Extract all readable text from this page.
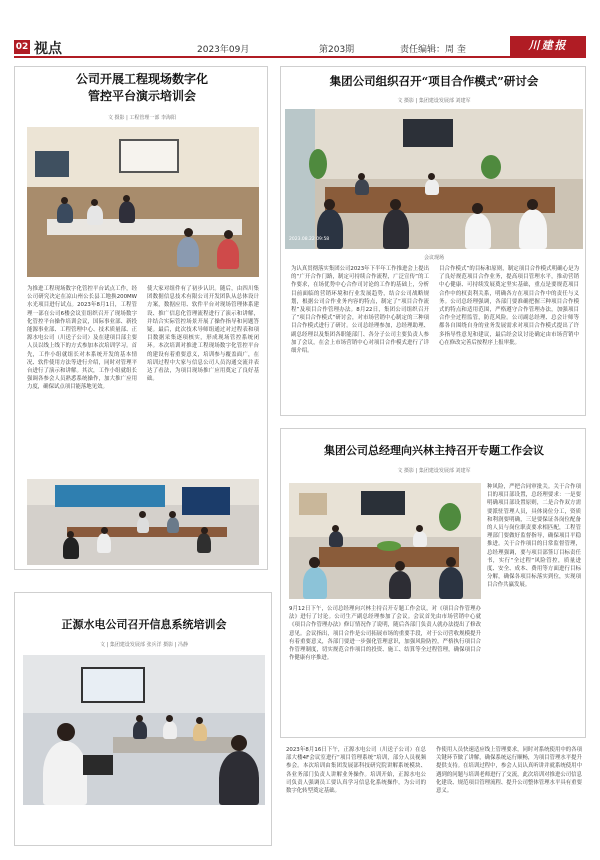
02 视点	2023年09月	第203期	责任编辑：周 奎	川建报
公司开展工程现场数字化
管控平台演示培训会
文 摄影 | 工程管理一部 李海阳
为推进工程现场数字化管控平台试点工作，经公司研究决定在凉山州公长县工地换200MW水光项目进行试点。2023年8月1日，工程管理一部在公司6楼会议室组织召开了现场数字化管控平台操作培训会议，国际事业部、新投能源事业部、工程管理中心、技术质量部、正源水电公司（川送子公司）及在建项目部主要人员以线上线下的方式参加本次培训学习。首先，工作小组就组长对本系统开发的基本情况、软件使用方法等进行介绍，同时对管理平台进行了演示和讲解。其次，工作小组就组长强调各参会人员熟悉系统操作，加大推广应用力度，确保试点项目能落地见效。
使大家对组件有了初步认识。随后，由四川集团数据信息技术有限公司开发团队从总体设计方案，数据应用、软件平台对现场管理体系建设、推广信息化管理流程进行了演示和讲解，并结合实际管控场景开展了操作指导和问题答疑。最后，此次技术导师组通过对过程表和项目数据采集逐项核实，形成现场管控系统闭环。本次培训对推进工程现场数字化管控平台的建设有着重要意义，培训参与覆盖面广，在培训过程中大家与信息公司人员沟通交流并表达了看法，为项目现场推广应用奠定了良好基础。
集团公司组织召开“项目合作模式”研讨会
文 摄影 | 集团建设发展部 刘建军
2023.08.22 09:58
会议现场
为认真贯彻落实集团公司2023年下半年工作推进会上提出的“广开合作门路，制定可持续合作流程，广泛宣传”的工作要求，在场优势中心合作司讨论的工作的基础上，分析目前面临的营销环境和行业发展趋势，结合公司战略规划，根据公司合作业务内容的特点，制定了“项目合作流程”及项目合作管理办法。8月22日，集团公司组织召开了“项目合作模式”研讨会，对市场营销中心制定的三种项目合作模式进行了研讨。公司总经理参加，总经理助理、副总经理以及集团各职能部门、各分子公司主要负责人参加了会议，在会上市场营销中心对项目合作模式进行了详细介绍。
目合作模式”的目标和原则，制定项目合作模式明确心是为了良好规范项目合作业务，提高项目管理水平，推动营销中心健康、可持续发展奠定坚实基础，重点是要规范项目合作中的权责利关系，明确各方在项目合作中的责任与义务。公司总经理强调，各部门要准确把握三种项目合作模式的特点和适用范围，严格遵守合作管理办法，加强项目合作全过程监管，防范风险。公司副总经理、总会计师等都各自围绕自身的业务发展需求对项目合作模式提出了许多指导性意见和建议，最后经会议讨论确定由市场营销中心在修改完善后按程序上报审批。
集团公司总经理向兴林主持召开专题工作会议
文 摄影 | 集团建设发展部 刘建军
种风险，严把合同审批关。关于合作项目的项目部设置，总经理要求：一是要明确项目部设置原则，二是合作双方需要派驻管理人员，具体岗位分工，资质和利润要明确，三是要保证各岗位配备的人员与岗位职责要求相匹配，工程管理部门要做好监督指导，确保项目平稳推进。关于合作项目的日常监督管理，总经理强调，要与项目部签订目标责任书，实行“全过程”风险管控，质量进度、安全、成本、费用等方面进行目标分解，确保各项目标落实到位，实现项目合作共赢发展。
9月12日下午，公司总经理向兴林主持召开专题工作会议，对《项目合作管理办法》进行了讨论。公司生产副总经理参加了会议。会议首先由市场营销中心就《项目合作管理办法》修订情况作了说明，随后各部门负责人就办法提出了修改意见。会议指出，项目合作是公司拓展市场的重要手段，对于公司营收规模提升有着重要意义，各部门要进一步强化管理意识，加强风险防控，严格执行项目合作管理制度，切实规范合作项目的投资、施工、结算等全过程管理，确保项目合作健康有序推进。
正源水电公司召开信息系统培训会
文 | 集团建设发展部 张兵洋 摄影 | 冯静
2023年8月16日下午，正源水电公司（川送子公司）在总部大楼4F会议室进行“项目管理系统”培训，部分人员视频参会。本次培训由集团发展部科技研究院讲解系统模块、各业务部门负责人讲解业务操作。培训开始，正源水电公司负责人强调员工要认真学习信息化系统操作，为公司的数字化转型奠定基础。
作使用人员快速适应线上管理要求，同时对系统使用中的各项关键环节做了讲解，确保系统运行顺畅，为项目管理水平提升提供支持。在培训过程中，参会人员认真听讲并就系统使用中遇到的问题与培训老师进行了交流，此次培训对推进公司信息化建设、规范项目管理流程、提升公司整体管理水平具有重要意义。
